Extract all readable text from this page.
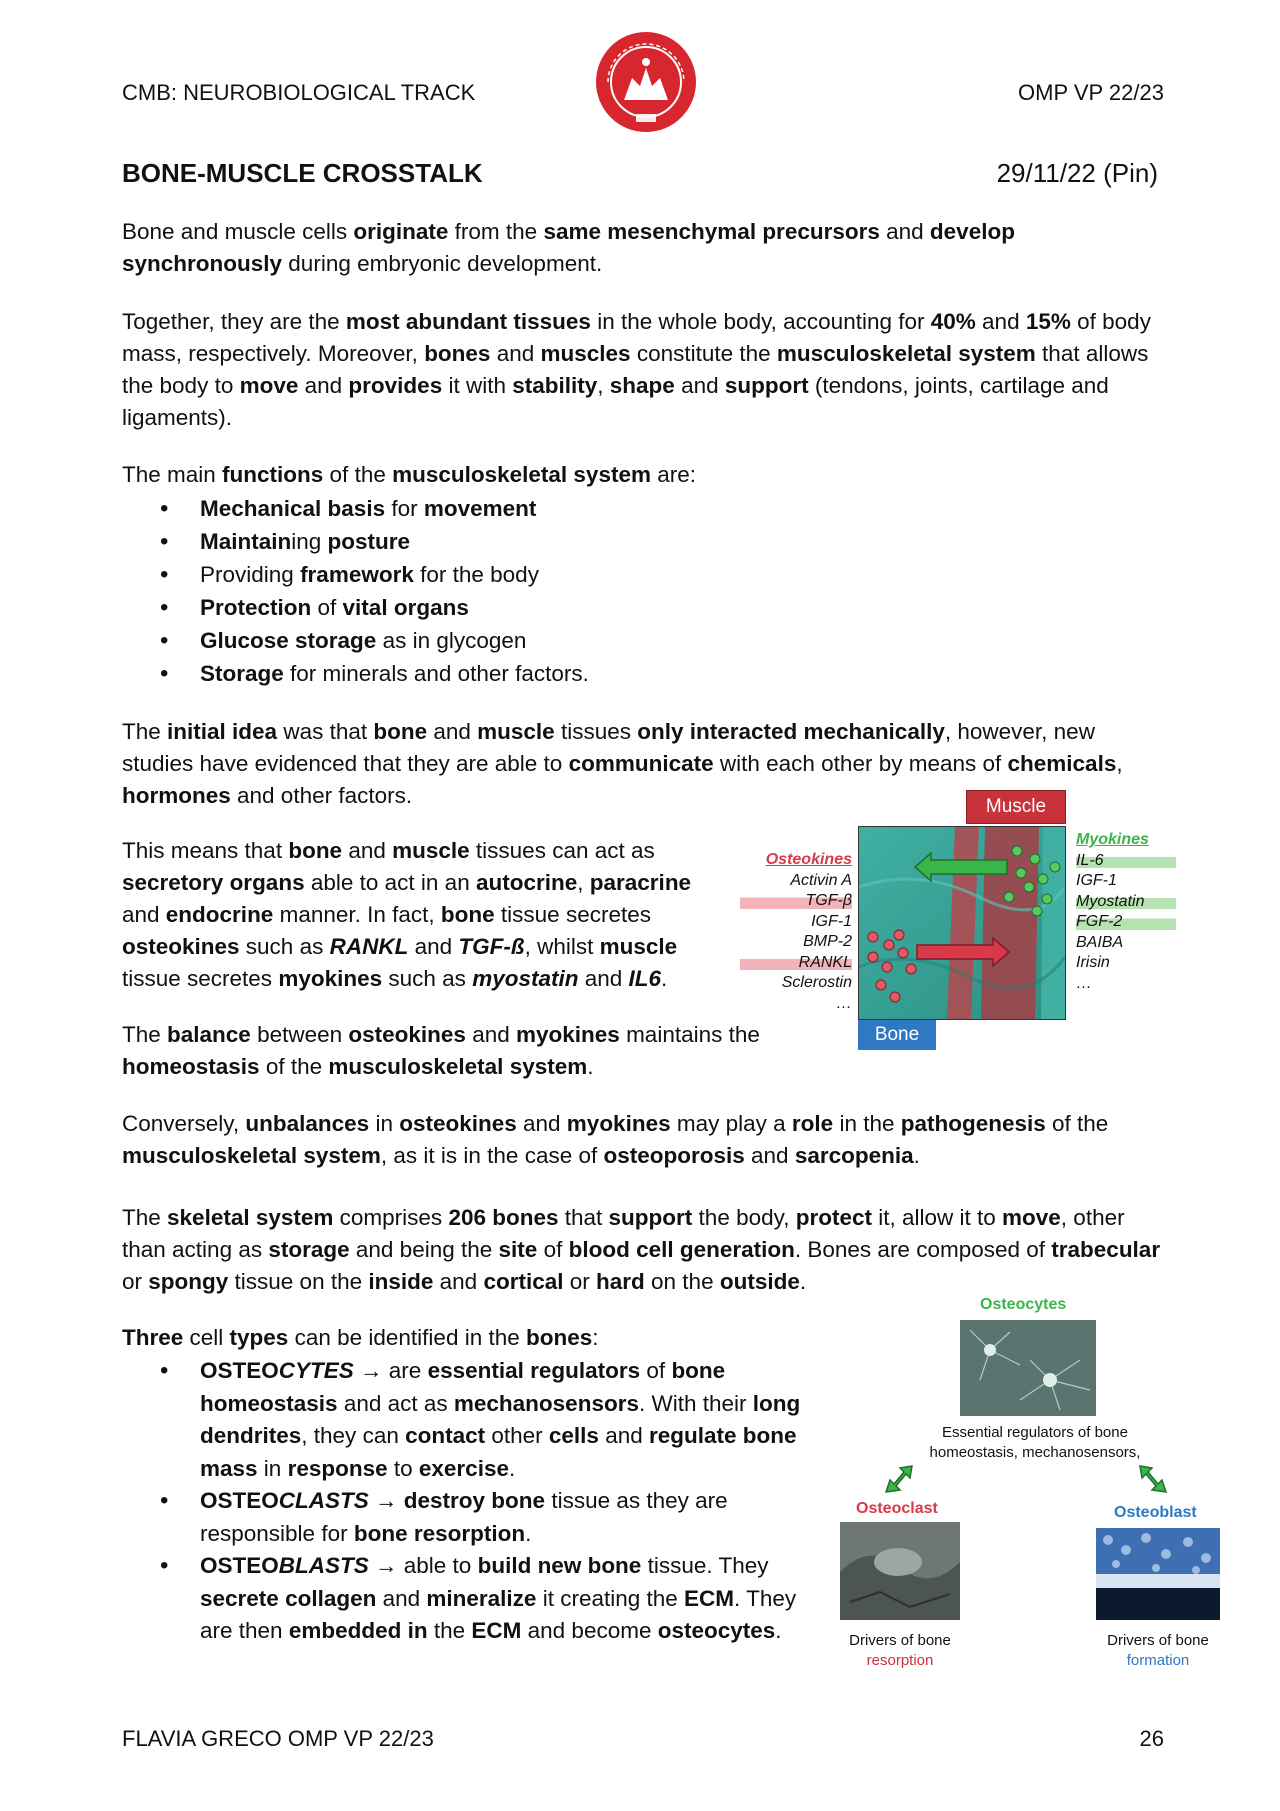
CMB: NEUROBIOLOGICAL TRACK	OMP VP 22/23
BONE-MUSCLE CROSSTALK	29/11/22 (Pin)

Bone and muscle cells originate from the same mesenchymal precursors and develop synchronously during embryonic development.

Together, they are the most abundant tissues in the whole body, accounting for 40% and 15% of body mass, respectively. Moreover, bones and muscles constitute the musculoskeletal system that allows the body to move and provides it with stability, shape and support (tendons, joints, cartilage and ligaments).

The main functions of the musculoskeletal system are:

• Mechanical basis for movement
• Maintaining posture
• Providing framework for the body
• Protection of vital organs
• Glucose storage as in glycogen
• Storage for minerals and other factors.

The initial idea was that bone and muscle tissues only interacted mechanically, however, new studies have evidenced that they are able to communicate with each other by means of chemicals, hormones and other factors.

This means that bone and muscle tissues can act as secretory organs able to act in an autocrine, paracrine and endocrine manner. In fact, bone tissue secretes osteokines such as RANKL and TGF-ß, whilst muscle tissue secretes myokines such as myostatin and IL6.

The balance between osteokines and myokines maintains the homeostasis of the musculoskeletal system.

Muscle
Bone
Osteokines
Activin A
TGF-β
IGF-1
BMP-2
RANKL
Sclerostin
…
Myokines
IL-6
IGF-1
Myostatin
FGF-2
BAIBA
Irisin
…

Conversely, unbalances in osteokines and myokines may play a role in the pathogenesis of the musculoskeletal system, as it is in the case of osteoporosis and sarcopenia.

The skeletal system comprises 206 bones that support the body, protect it, allow it to move, other than acting as storage and being the site of blood cell generation. Bones are composed of trabecular or spongy tissue on the inside and cortical or hard on the outside.

Three cell types can be identified in the bones:

• OSTEOCYTES → are essential regulators of bone homeostasis and act as mechanosensors. With their long dendrites, they can contact other cells and regulate bone mass in response to exercise.
• OSTEOCLASTS → destroy bone tissue as they are responsible for bone resorption.
• OSTEOBLASTS → able to build new bone tissue. They secrete collagen and mineralize it creating the ECM. They are then embedded in the ECM and become osteocytes.
Osteocytes
Essential regulators of bone
homeostasis, mechanosensors,
Osteoclast	Osteoblast
Drivers of bone
resorption
Drivers of bone
formation
FLAVIA GRECO OMP VP 22/23	26
